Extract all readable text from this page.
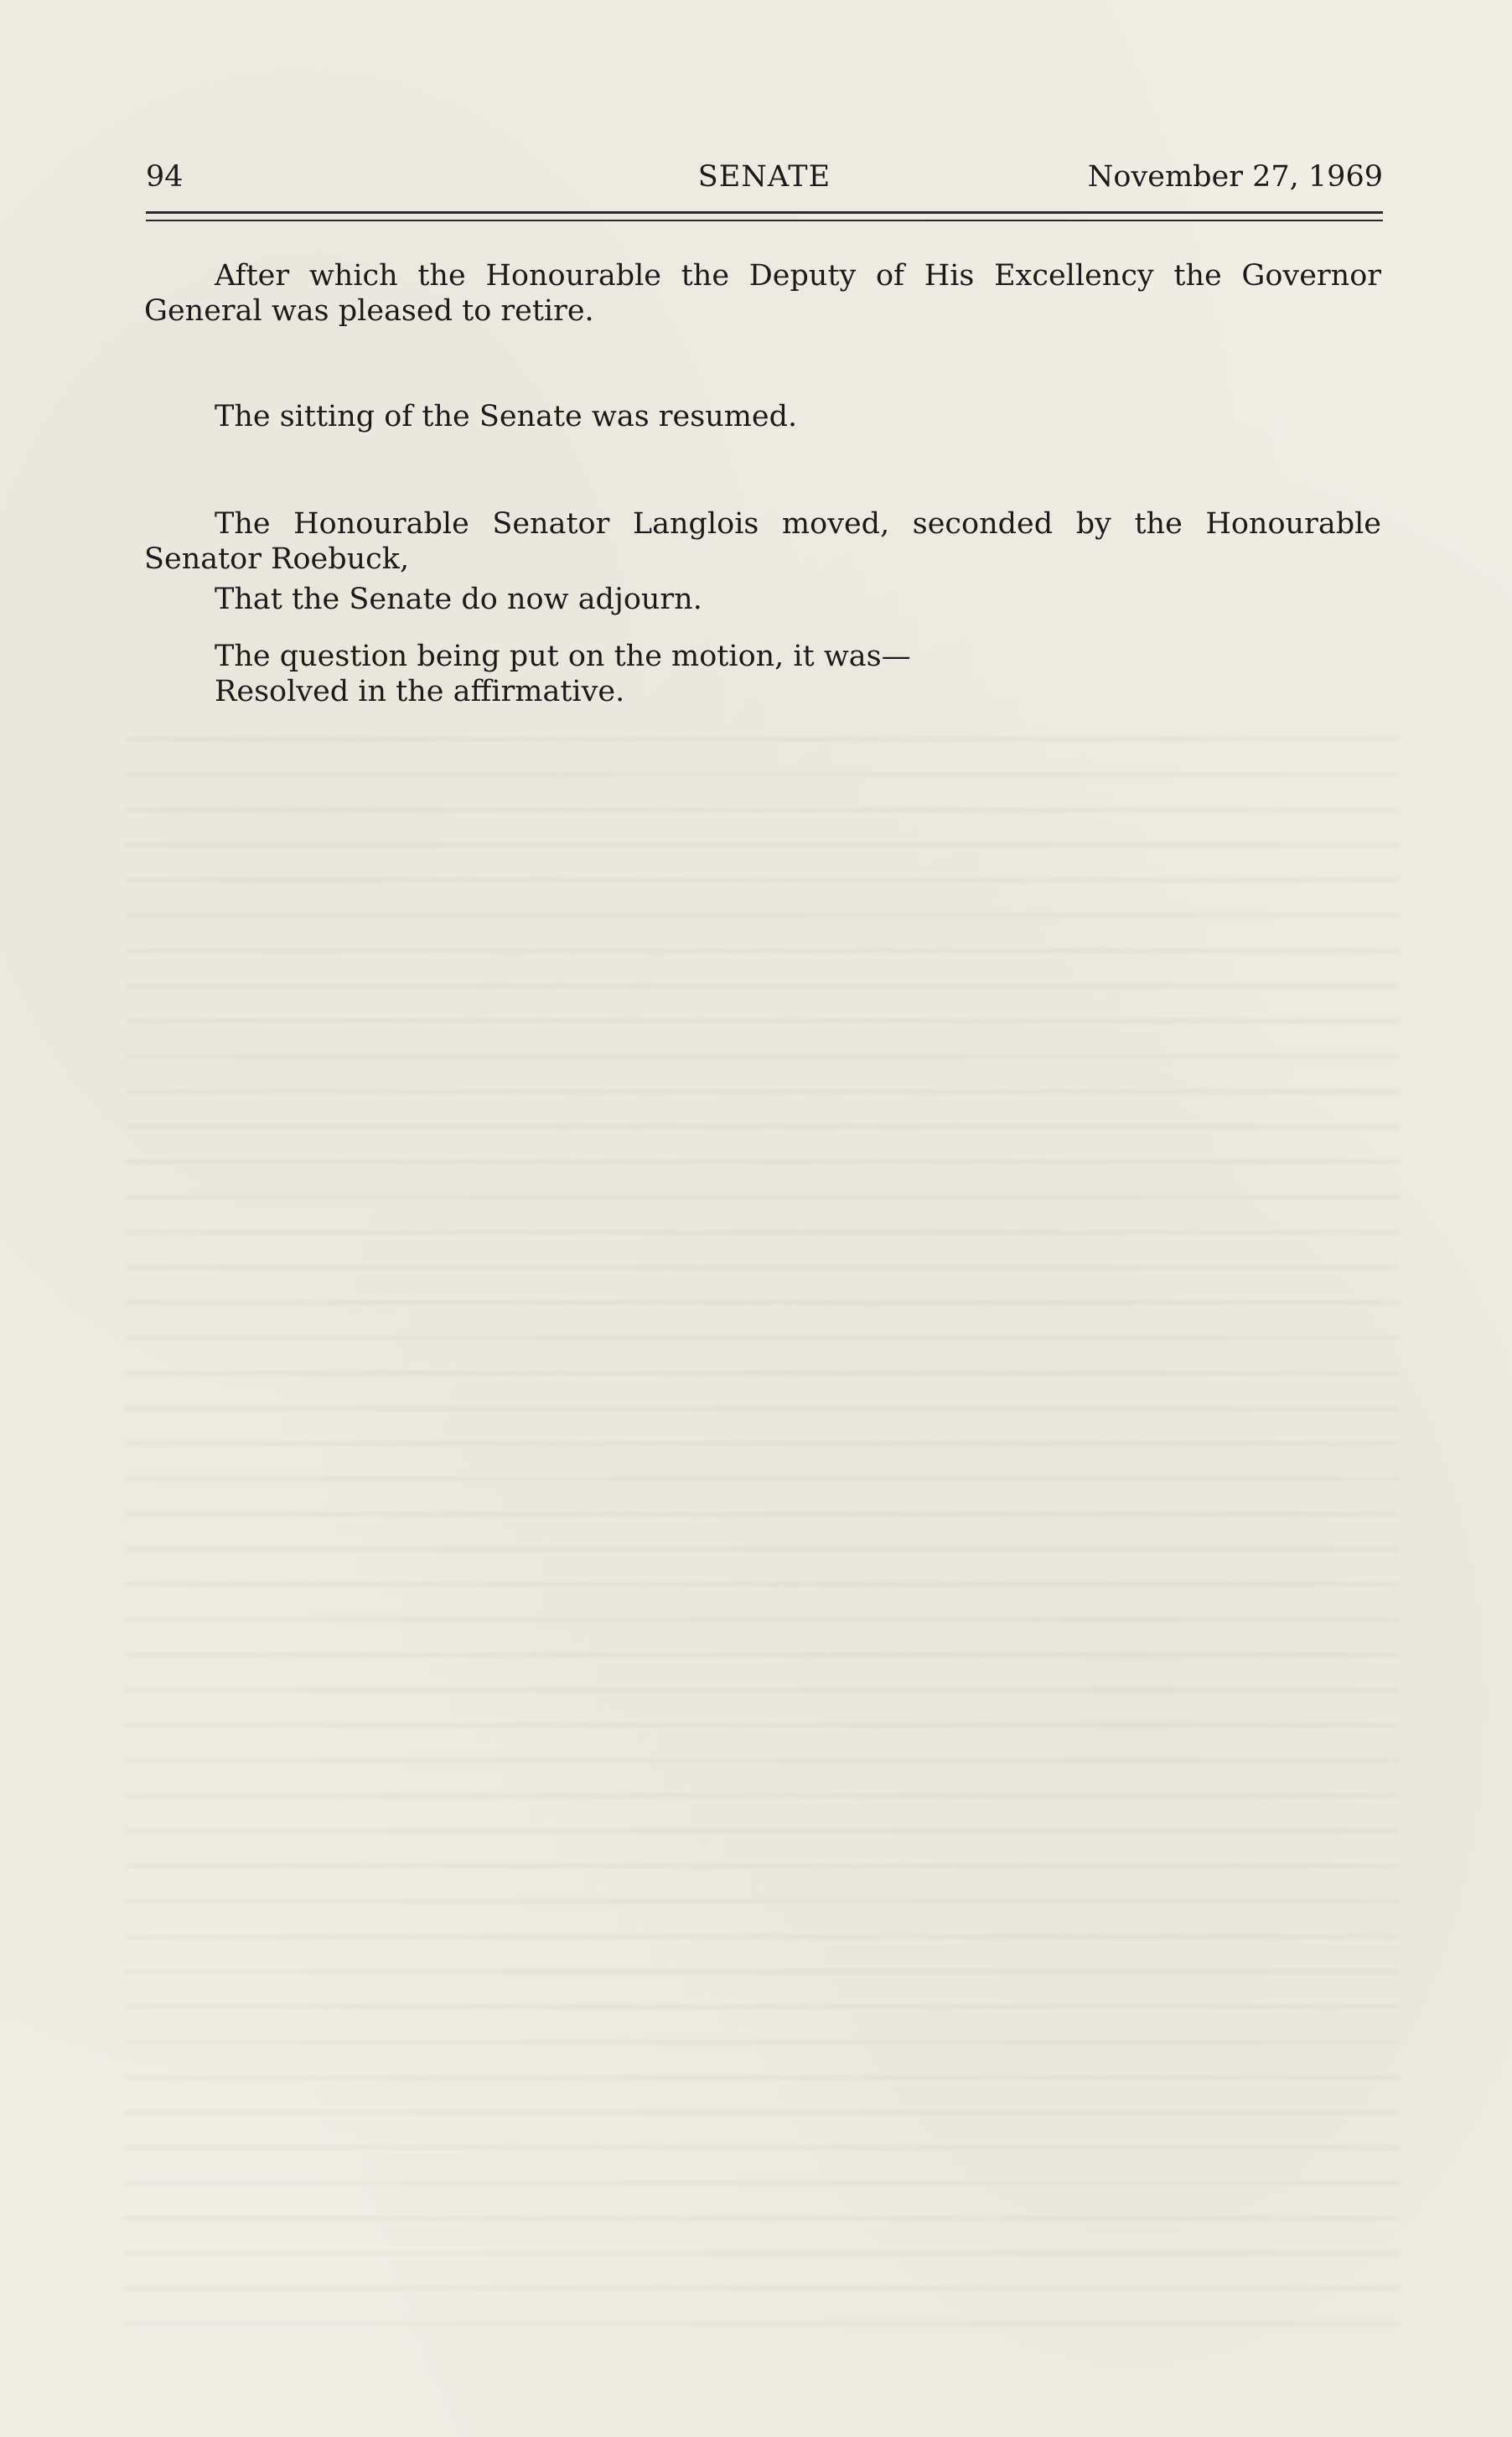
94	SENATE	November 27, 1969

After which the Honourable the Deputy of His Excellency the Governor General was pleased to retire.

The sitting of the Senate was resumed.

The Honourable Senator Langlois moved, seconded by the Honourable Senator Roebuck,

That the Senate do now adjourn.

The question being put on the motion, it was—

Resolved in the affirmative.
